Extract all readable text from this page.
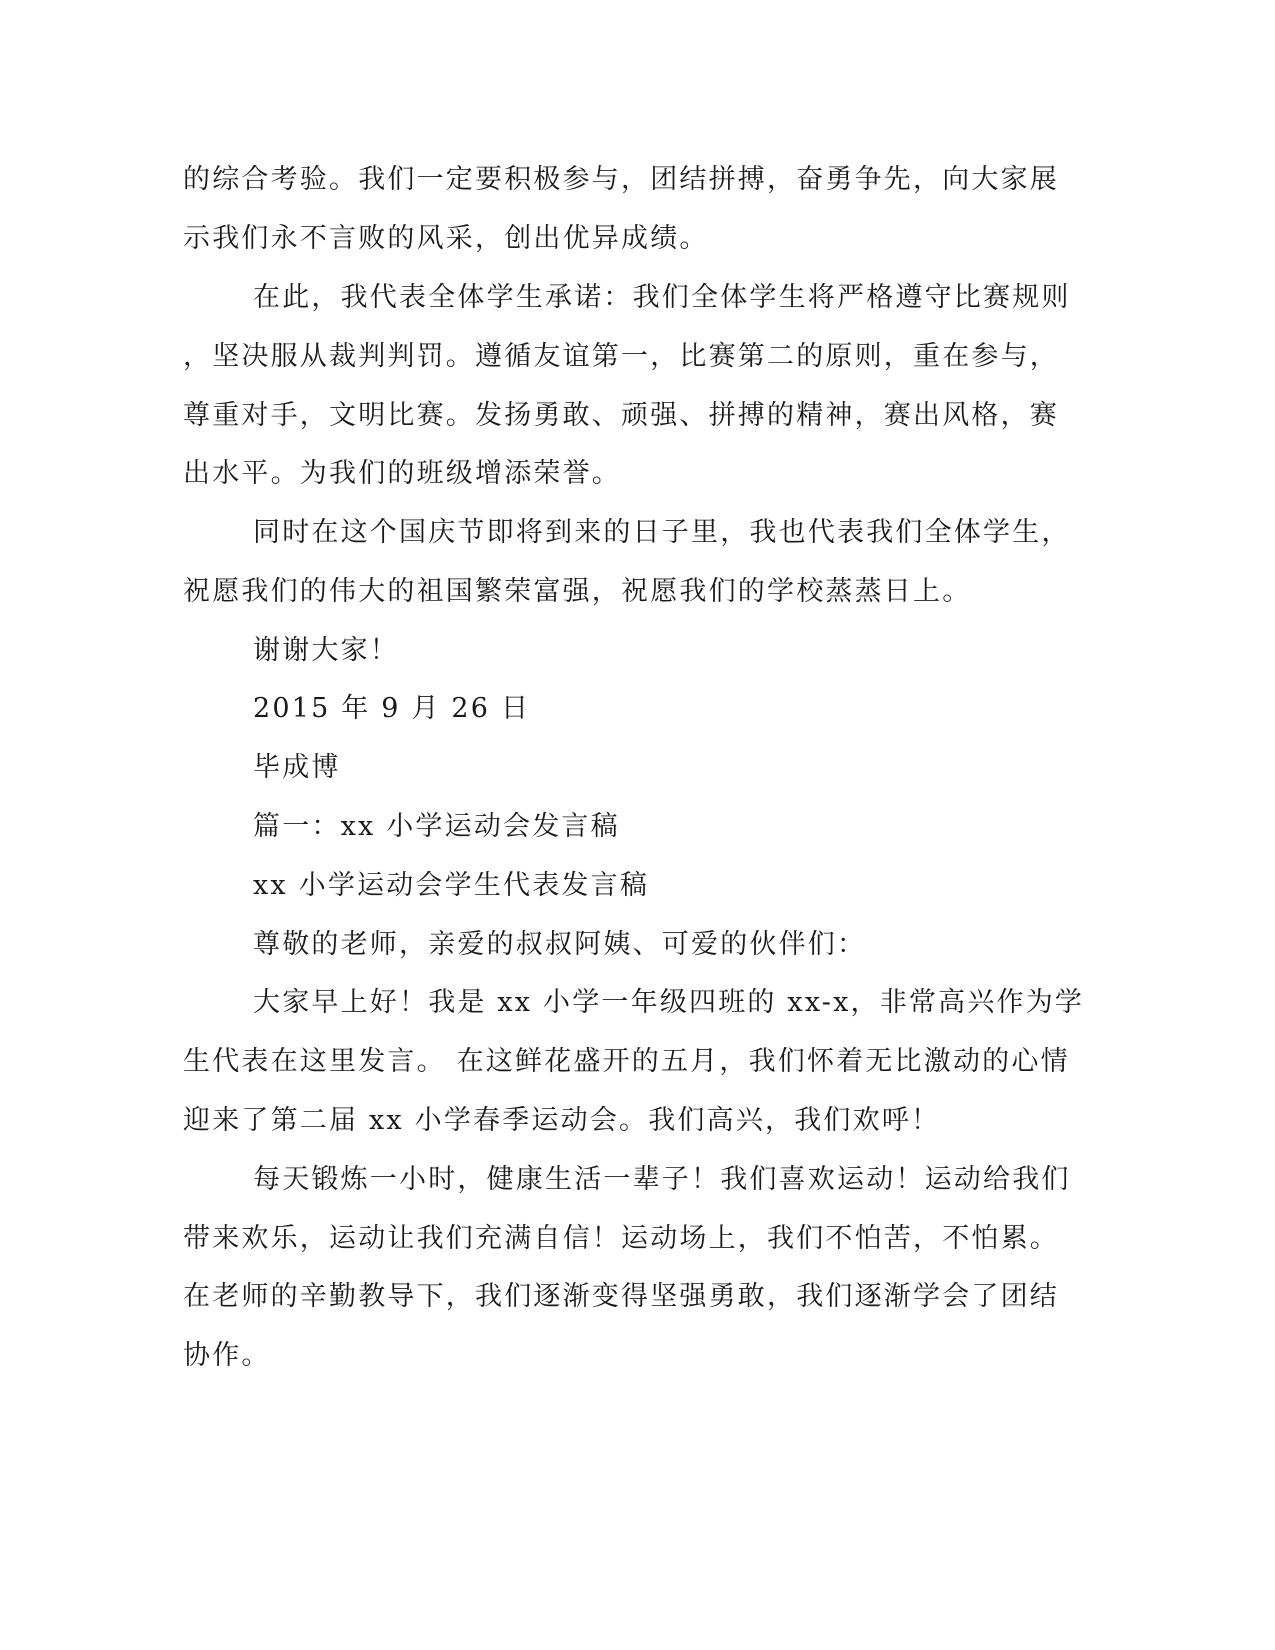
的综合考验。我们一定要积极参与，团结拼搏，奋勇争先，向大家展
示我们永不言败的风采，创出优异成绩。
在此，我代表全体学生承诺：我们全体学生将严格遵守比赛规则
，坚决服从裁判判罚。遵循友谊第一，比赛第二的原则，重在参与，
尊重对手，文明比赛。发扬勇敢、顽强、拼搏的精神，赛出风格，赛
出水平。为我们的班级增添荣誉。
同时在这个国庆节即将到来的日子里，我也代表我们全体学生，
祝愿我们的伟大的祖国繁荣富强，祝愿我们的学校蒸蒸日上。
谢谢大家！
2015 年 9 月 26 日
毕成博
篇一：xx 小学运动会发言稿
xx 小学运动会学生代表发言稿
尊敬的老师，亲爱的叔叔阿姨、可爱的伙伴们：
大家早上好！我是 xx 小学一年级四班的 xx-x，非常高兴作为学
生代表在这里发言。 在这鲜花盛开的五月，我们怀着无比激动的心情
迎来了第二届 xx 小学春季运动会。我们高兴，我们欢呼！
每天锻炼一小时，健康生活一辈子！我们喜欢运动！运动给我们
带来欢乐，运动让我们充满自信！运动场上，我们不怕苦，不怕累。
在老师的辛勤教导下，我们逐渐变得坚强勇敢，我们逐渐学会了团结
协作。
